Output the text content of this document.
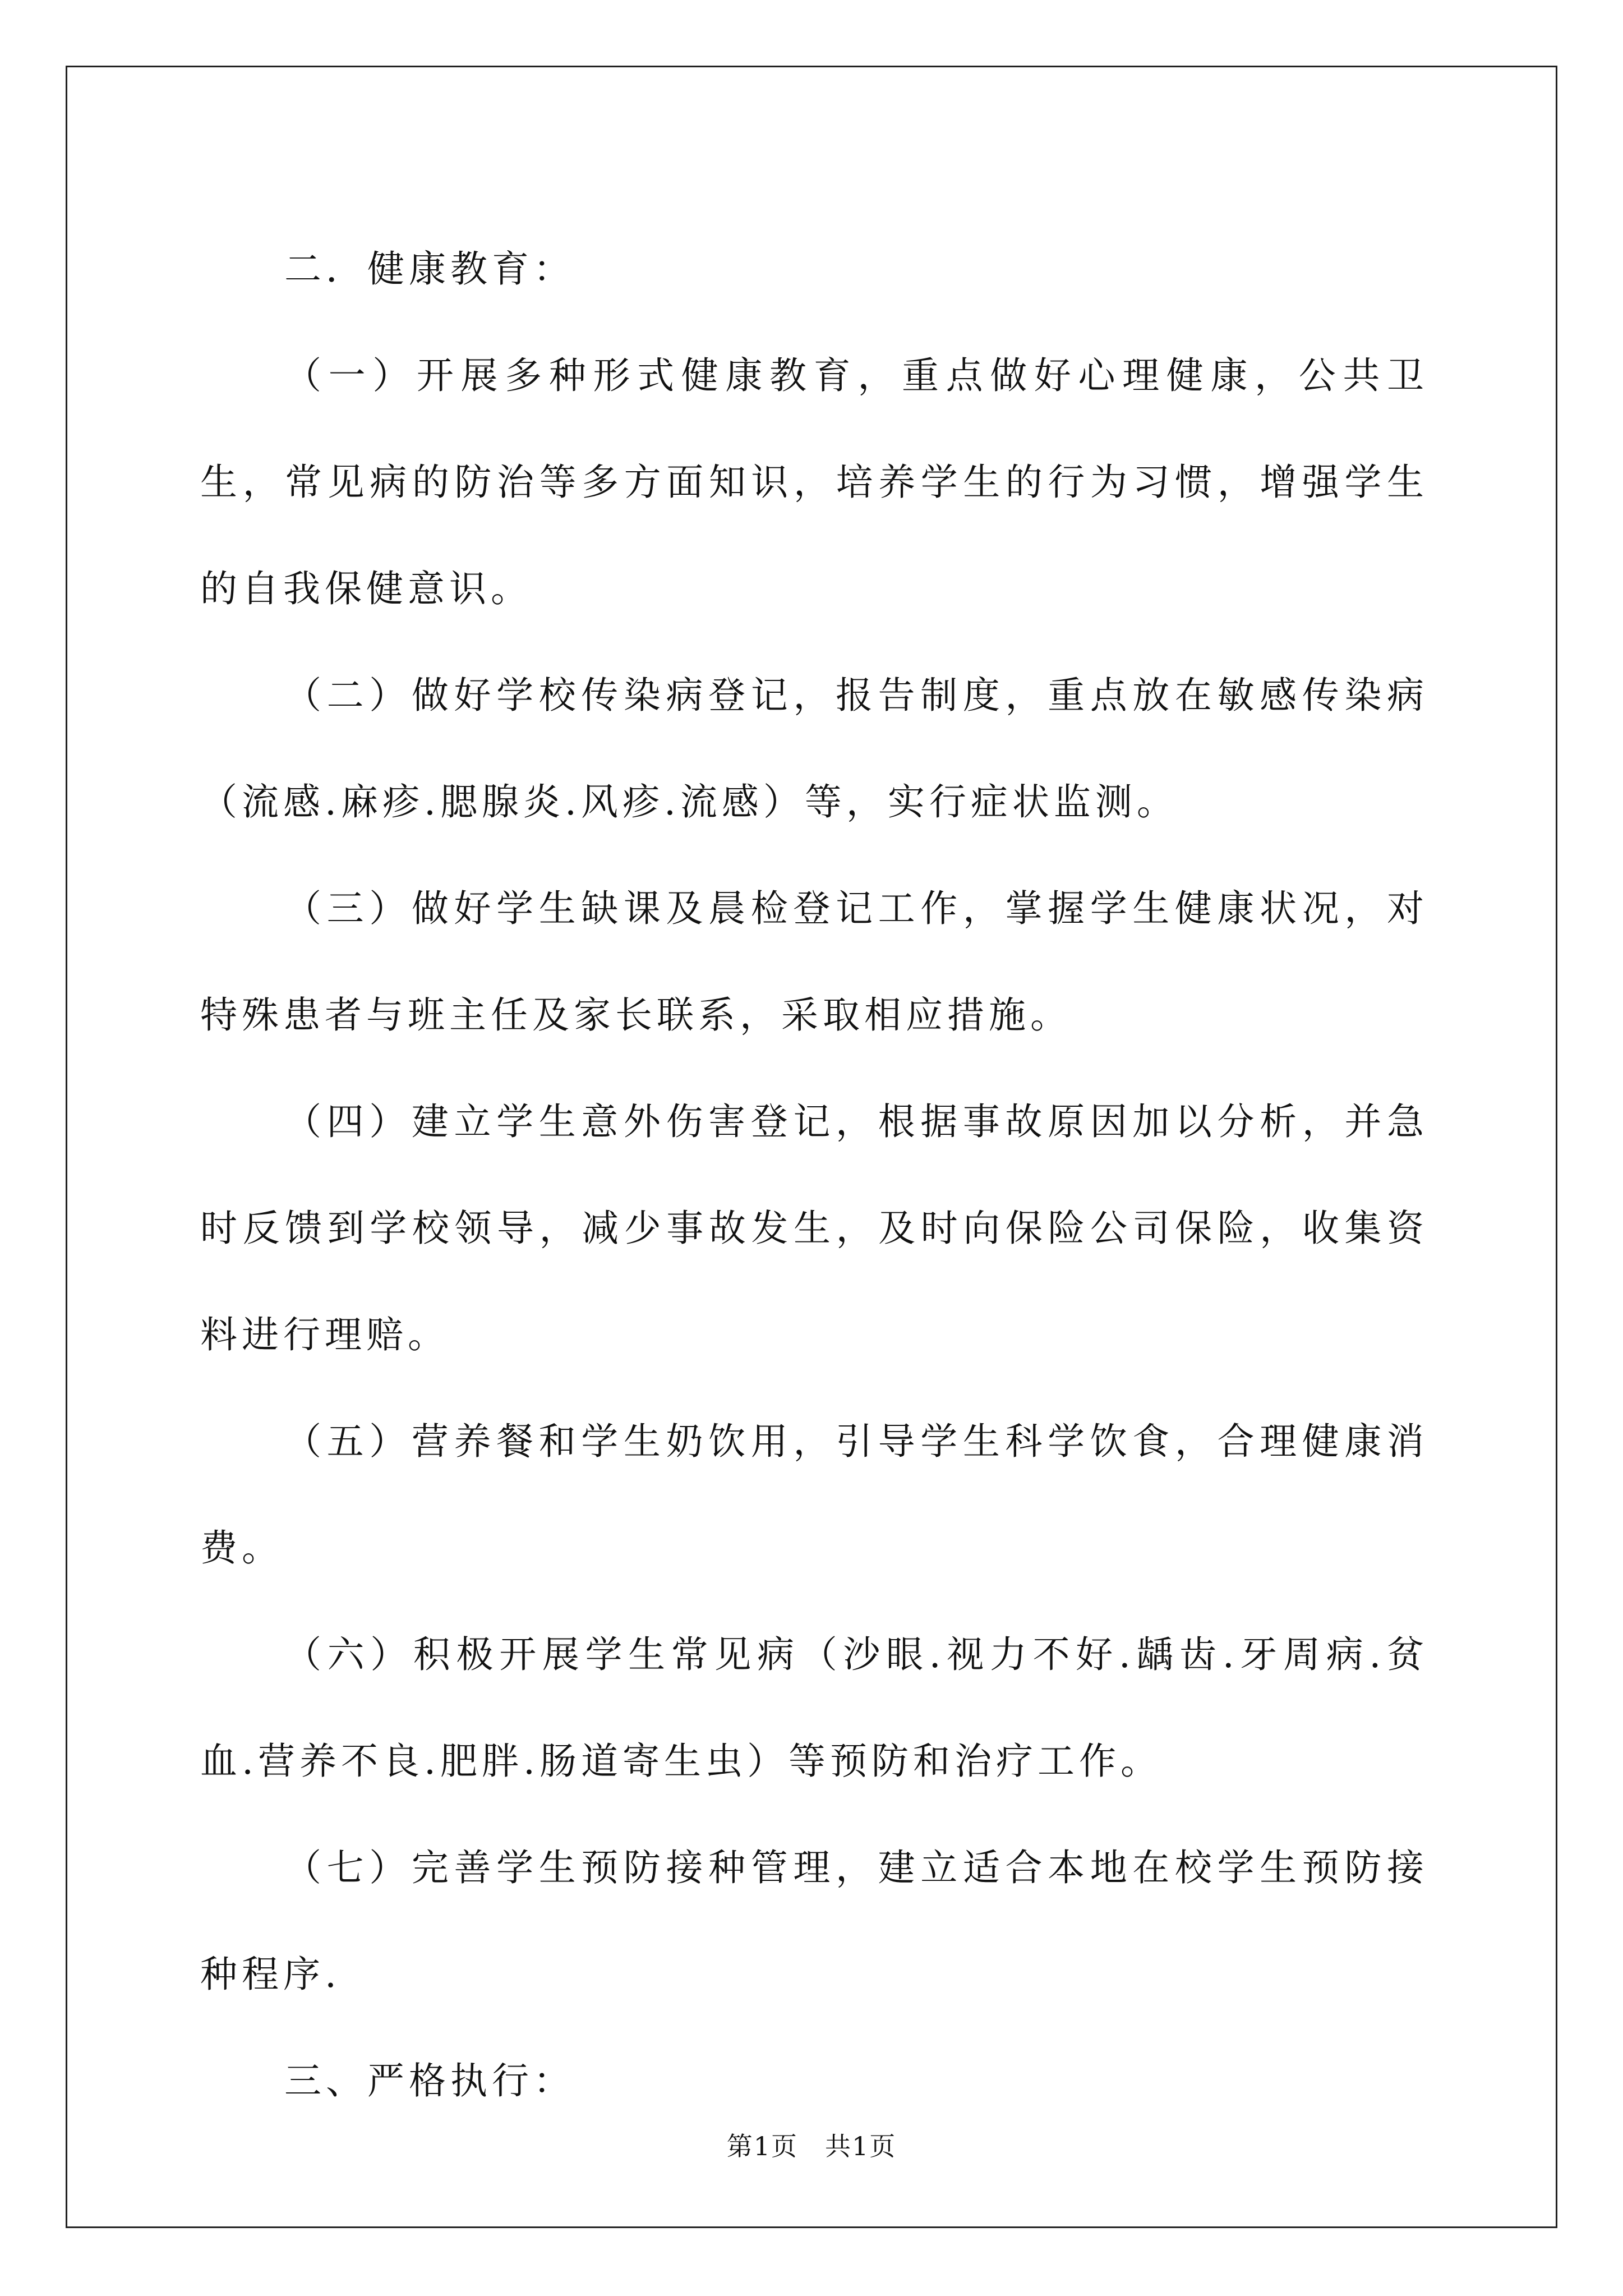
二．健康教育：

（一）开展多种形式健康教育，重点做好心理健康，公共卫生，常见病的防治等多方面知识，培养学生的行为习惯，增强学生的自我保健意识。

（二）做好学校传染病登记，报告制度，重点放在敏感传染病（流感.麻疹.腮腺炎.风疹.流感）等，实行症状监测。

（三）做好学生缺课及晨检登记工作，掌握学生健康状况，对特殊患者与班主任及家长联系，采取相应措施。

（四）建立学生意外伤害登记，根据事故原因加以分析，并急时反馈到学校领导，减少事故发生，及时向保险公司保险，收集资料进行理赔。

（五）营养餐和学生奶饮用，引导学生科学饮食，合理健康消费。

（六）积极开展学生常见病（沙眼.视力不好.龋齿.牙周病.贫血.营养不良.肥胖.肠道寄生虫）等预防和治疗工作。

（七）完善学生预防接种管理，建立适合本地在校学生预防接种程序.

三、严格执行：

第1页　共1页
